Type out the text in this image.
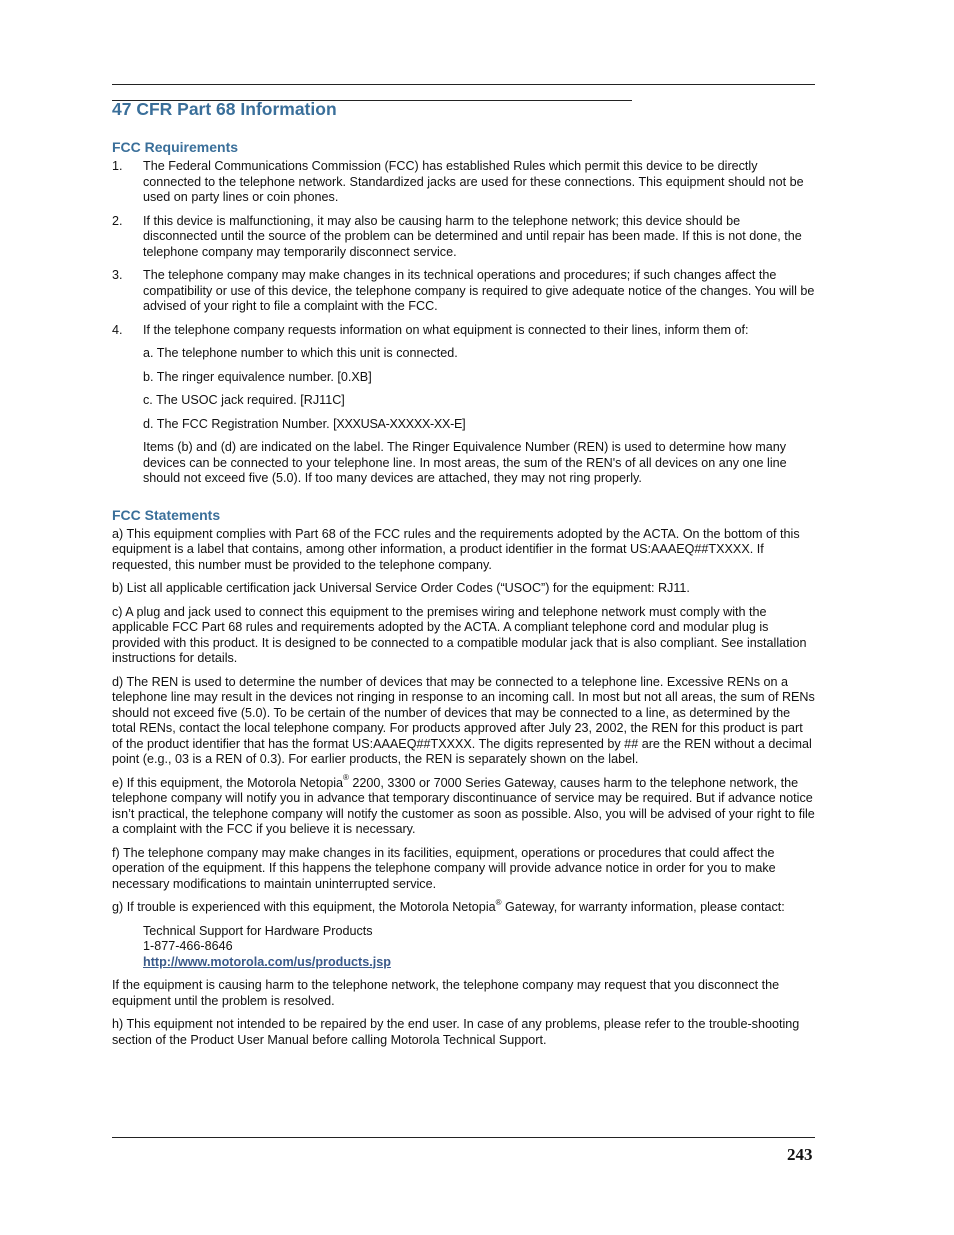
47 CFR Part 68 Information
FCC Requirements
1. The Federal Communications Commission (FCC) has established Rules which permit this device to be directly connected to the telephone network. Standardized jacks are used for these connections. This equipment should not be used on party lines or coin phones.
2. If this device is malfunctioning, it may also be causing harm to the telephone network; this device should be disconnected until the source of the problem can be determined and until repair has been made. If this is not done, the telephone company may temporarily disconnect service.
3. The telephone company may make changes in its technical operations and procedures; if such changes affect the compatibility or use of this device, the telephone company is required to give adequate notice of the changes. You will be advised of your right to file a complaint with the FCC.
4. If the telephone company requests information on what equipment is connected to their lines, inform them of:
a. The telephone number to which this unit is connected.
b. The ringer equivalence number. [0.XB]
c. The USOC jack required. [RJ11C]
d. The FCC Registration Number. [XXXUSA-XXXXX-XX-E]
Items (b) and (d) are indicated on the label. The Ringer Equivalence Number (REN) is used to determine how many devices can be connected to your telephone line. In most areas, the sum of the REN's of all devices on any one line should not exceed five (5.0). If too many devices are attached, they may not ring properly.
FCC Statements

a) This equipment complies with Part 68 of the FCC rules and the requirements adopted by the ACTA. On the bottom of this equipment is a label that contains, among other information, a product identifier in the format US:AAAEQ##TXXXX. If requested, this number must be provided to the telephone company.

b) List all applicable certification jack Universal Service Order Codes (“USOC”) for the equipment: RJ11.

c) A plug and jack used to connect this equipment to the premises wiring and telephone network must comply with the applicable FCC Part 68 rules and requirements adopted by the ACTA. A compliant telephone cord and modular plug is provided with this product. It is designed to be connected to a compatible modular jack that is also compliant. See installation instructions for details.

d) The REN is used to determine the number of devices that may be connected to a telephone line. Excessive RENs on a telephone line may result in the devices not ringing in response to an incoming call. In most but not all areas, the sum of RENs should not exceed five (5.0). To be certain of the number of devices that may be connected to a line, as determined by the total RENs, contact the local telephone company. For products approved after July 23, 2002, the REN for this product is part of the product identifier that has the format US:AAAEQ##TXXXX. The digits represented by ## are the REN without a decimal point (e.g., 03 is a REN of 0.3). For earlier products, the REN is separately shown on the label.

e) If this equipment, the Motorola Netopia® 2200, 3300 or 7000 Series Gateway, causes harm to the telephone network, the telephone company will notify you in advance that temporary discontinuance of service may be required. But if advance notice isn’t practical, the telephone company will notify the customer as soon as possible. Also, you will be advised of your right to file a complaint with the FCC if you believe it is necessary.

f) The telephone company may make changes in its facilities, equipment, operations or procedures that could affect the operation of the equipment. If this happens the telephone company will provide advance notice in order for you to make necessary modifications to maintain uninterrupted service.

g) If trouble is experienced with this equipment, the Motorola Netopia® Gateway, for warranty information, please contact:

Technical Support for Hardware Products
1-877-466-8646
http://www.motorola.com/us/products.jsp

If the equipment is causing harm to the telephone network, the telephone company may request that you disconnect the equipment until the problem is resolved.

h) This equipment not intended to be repaired by the end user. In case of any problems, please refer to the trouble-shooting section of the Product User Manual before calling Motorola Technical Support.

243
